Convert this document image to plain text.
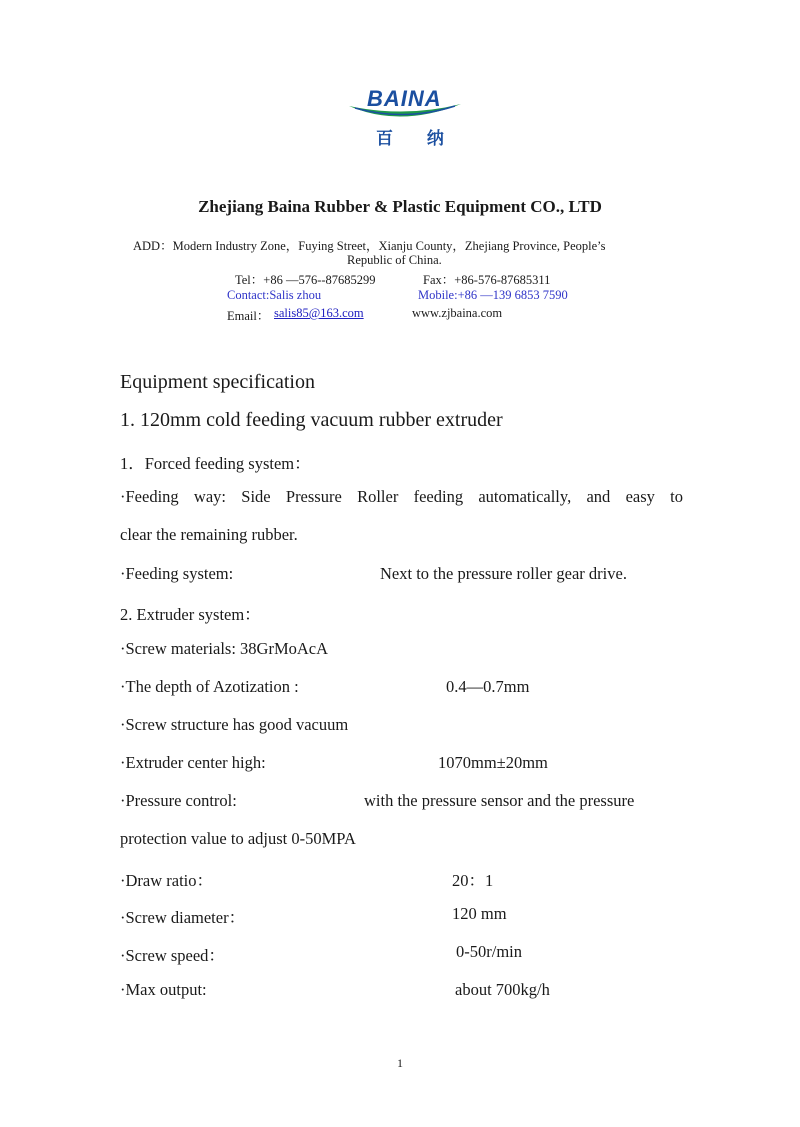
BAINA
百 纳
Zhejiang Baina Rubber & Plastic Equipment CO., LTD
ADD：Modern Industry Zone，Fuying Street，Xianju County，Zhejiang Province, People’s
Republic of China.
Tel：+86 —576--87685299	Fax：+86-576-87685311
Contact:Salis zhou	Mobile:+86 —139 6853 7590
Email： salis85@163.com	www.zjbaina.com
Equipment specification
1. 120mm cold feeding vacuum rubber extruder
1．Forced feeding system：
·Feeding way: Side Pressure Roller feeding automatically, and easy to
clear the remaining rubber.
·Feeding system:	Next to the pressure roller gear drive.
2. Extruder system：
·Screw materials: 38GrMoAcA
·The depth of Azotization :	0.4—0.7mm
·Screw structure has good vacuum
·Extruder center high:	1070mm±20mm
·Pressure control:	with the pressure sensor and the pressure
protection value to adjust 0-50MPA
·Draw ratio：	20：1
·Screw diameter：	120 mm
·Screw speed：	0-50r/min
·Max output:	about 700kg/h
1
